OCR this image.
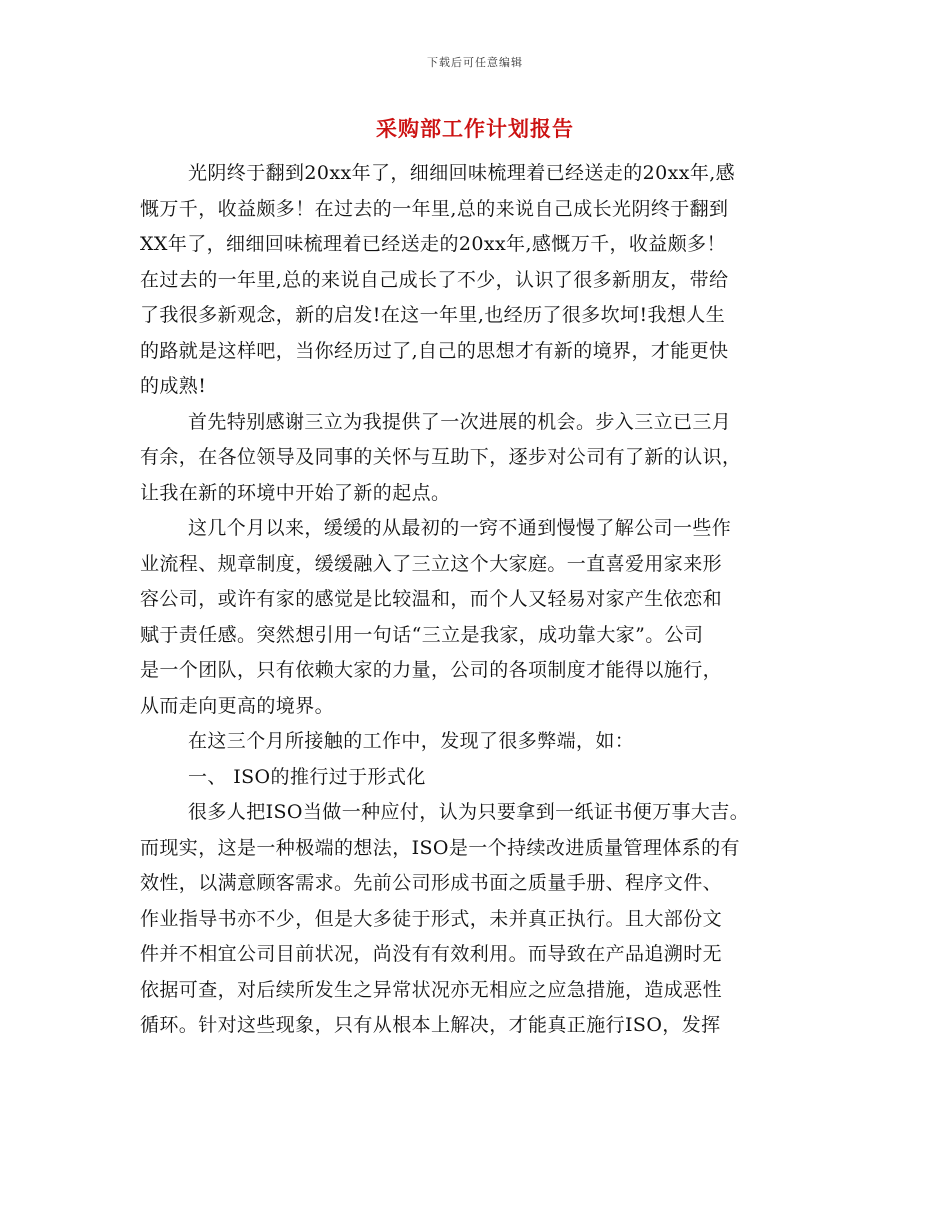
下载后可任意编辑
采购部工作计划报告

光阴终于翻到20xx年了，细细回味梳理着已经送走的20xx年,感

慨万千，收益颇多！在过去的一年里,总的来说自己成长光阴终于翻到

XX年了，细细回味梳理着已经送走的20xx年,感慨万千，收益颇多！

在过去的一年里,总的来说自己成长了不少，认识了很多新朋友，带给

了我很多新观念，新的启发!在这一年里,也经历了很多坎坷!我想人生

的路就是这样吧，当你经历过了,自己的思想才有新的境界，才能更快

的成熟!

首先特别感谢三立为我提供了一次进展的机会。步入三立已三月

有余，在各位领导及同事的关怀与互助下，逐步对公司有了新的认识，

让我在新的环境中开始了新的起点。

这几个月以来，缓缓的从最初的一窍不通到慢慢了解公司一些作

业流程、规章制度，缓缓融入了三立这个大家庭。一直喜爱用家来形

容公司，或许有家的感觉是比较温和，而个人又轻易对家产生依恋和

赋于责任感。突然想引用一句话“三立是我家，成功靠大家”。公司

是一个团队，只有依赖大家的力量，公司的各项制度才能得以施行，

从而走向更高的境界。

在这三个月所接触的工作中，发现了很多弊端，如：

一、 ISO的推行过于形式化

很多人把ISO当做一种应付，认为只要拿到一纸证书便万事大吉。

而现实，这是一种极端的想法，ISO是一个持续改进质量管理体系的有

效性，以满意顾客需求。先前公司形成书面之质量手册、程序文件、

作业指导书亦不少，但是大多徒于形式，未并真正执行。且大部份文

件并不相宜公司目前状况，尚没有有效利用。而导致在产品追溯时无

依据可查，对后续所发生之异常状况亦无相应之应急措施，造成恶性

循环。针对这些现象，只有从根本上解决，才能真正施行ISO，发挥
